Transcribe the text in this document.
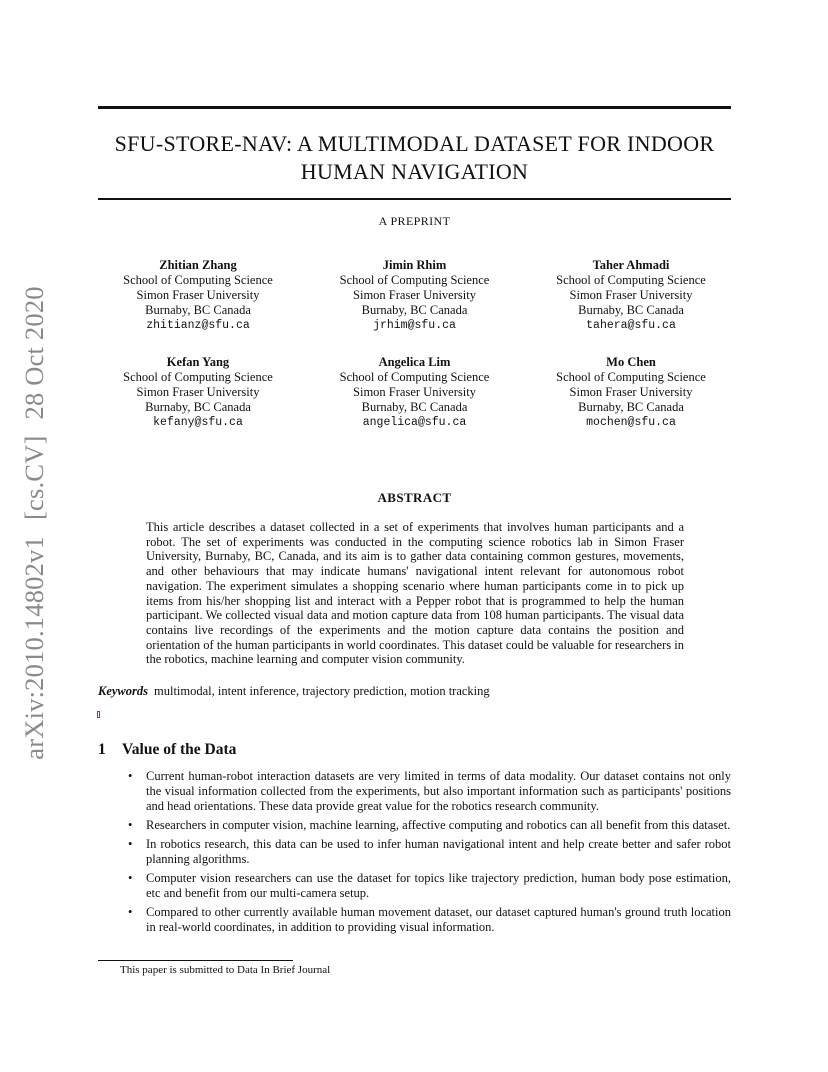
arXiv:2010.14802v1[cs.CV]28 Oct 2020
SFU-STORE-NAV: A MULTIMODAL DATASET FOR INDOOR
HUMAN NAVIGATION
A PREPRINT
Zhitian Zhang
School of Computing Science
Simon Fraser University
Burnaby, BC Canada
zhitianz@sfu.ca
Jimin Rhim
School of Computing Science
Simon Fraser University
Burnaby, BC Canada
jrhim@sfu.ca
Taher Ahmadi
School of Computing Science
Simon Fraser University
Burnaby, BC Canada
tahera@sfu.ca
Kefan Yang
School of Computing Science
Simon Fraser University
Burnaby, BC Canada
kefany@sfu.ca
Angelica Lim
School of Computing Science
Simon Fraser University
Burnaby, BC Canada
angelica@sfu.ca
Mo Chen
School of Computing Science
Simon Fraser University
Burnaby, BC Canada
mochen@sfu.ca
ABSTRACT
This article describes a dataset collected in a set of experiments that involves human participants and a robot. The set of experiments was conducted in the computing science robotics lab in Simon Fraser University, Burnaby, BC, Canada, and its aim is to gather data containing common gestures, movements, and other behaviours that may indicate humans' navigational intent relevant for autonomous robot navigation. The experiment simulates a shopping scenario where human participants come in to pick up items from his/her shopping list and interact with a Pepper robot that is programmed to help the human participant. We collected visual data and motion capture data from 108 human participants. The visual data contains live recordings of the experiments and the motion capture data contains the position and orientation of the human participants in world coordinates. This dataset could be valuable for researchers in the robotics, machine learning and computer vision community.
Keywords multimodal, intent inference, trajectory prediction, motion tracking
1 Value of the Data
• Current human-robot interaction datasets are very limited in terms of data modality. Our dataset contains not only the visual information collected from the experiments, but also important information such as participants' positions and head orientations. These data provide great value for the robotics research community.
• Researchers in computer vision, machine learning, affective computing and robotics can all benefit from this dataset.
• In robotics research, this data can be used to infer human navigational intent and help create better and safer robot planning algorithms.
• Computer vision researchers can use the dataset for topics like trajectory prediction, human body pose estimation, etc and benefit from our multi-camera setup.
• Compared to other currently available human movement dataset, our dataset captured human's ground truth location in real-world coordinates, in addition to providing visual information.
This paper is submitted to Data In Brief Journal
